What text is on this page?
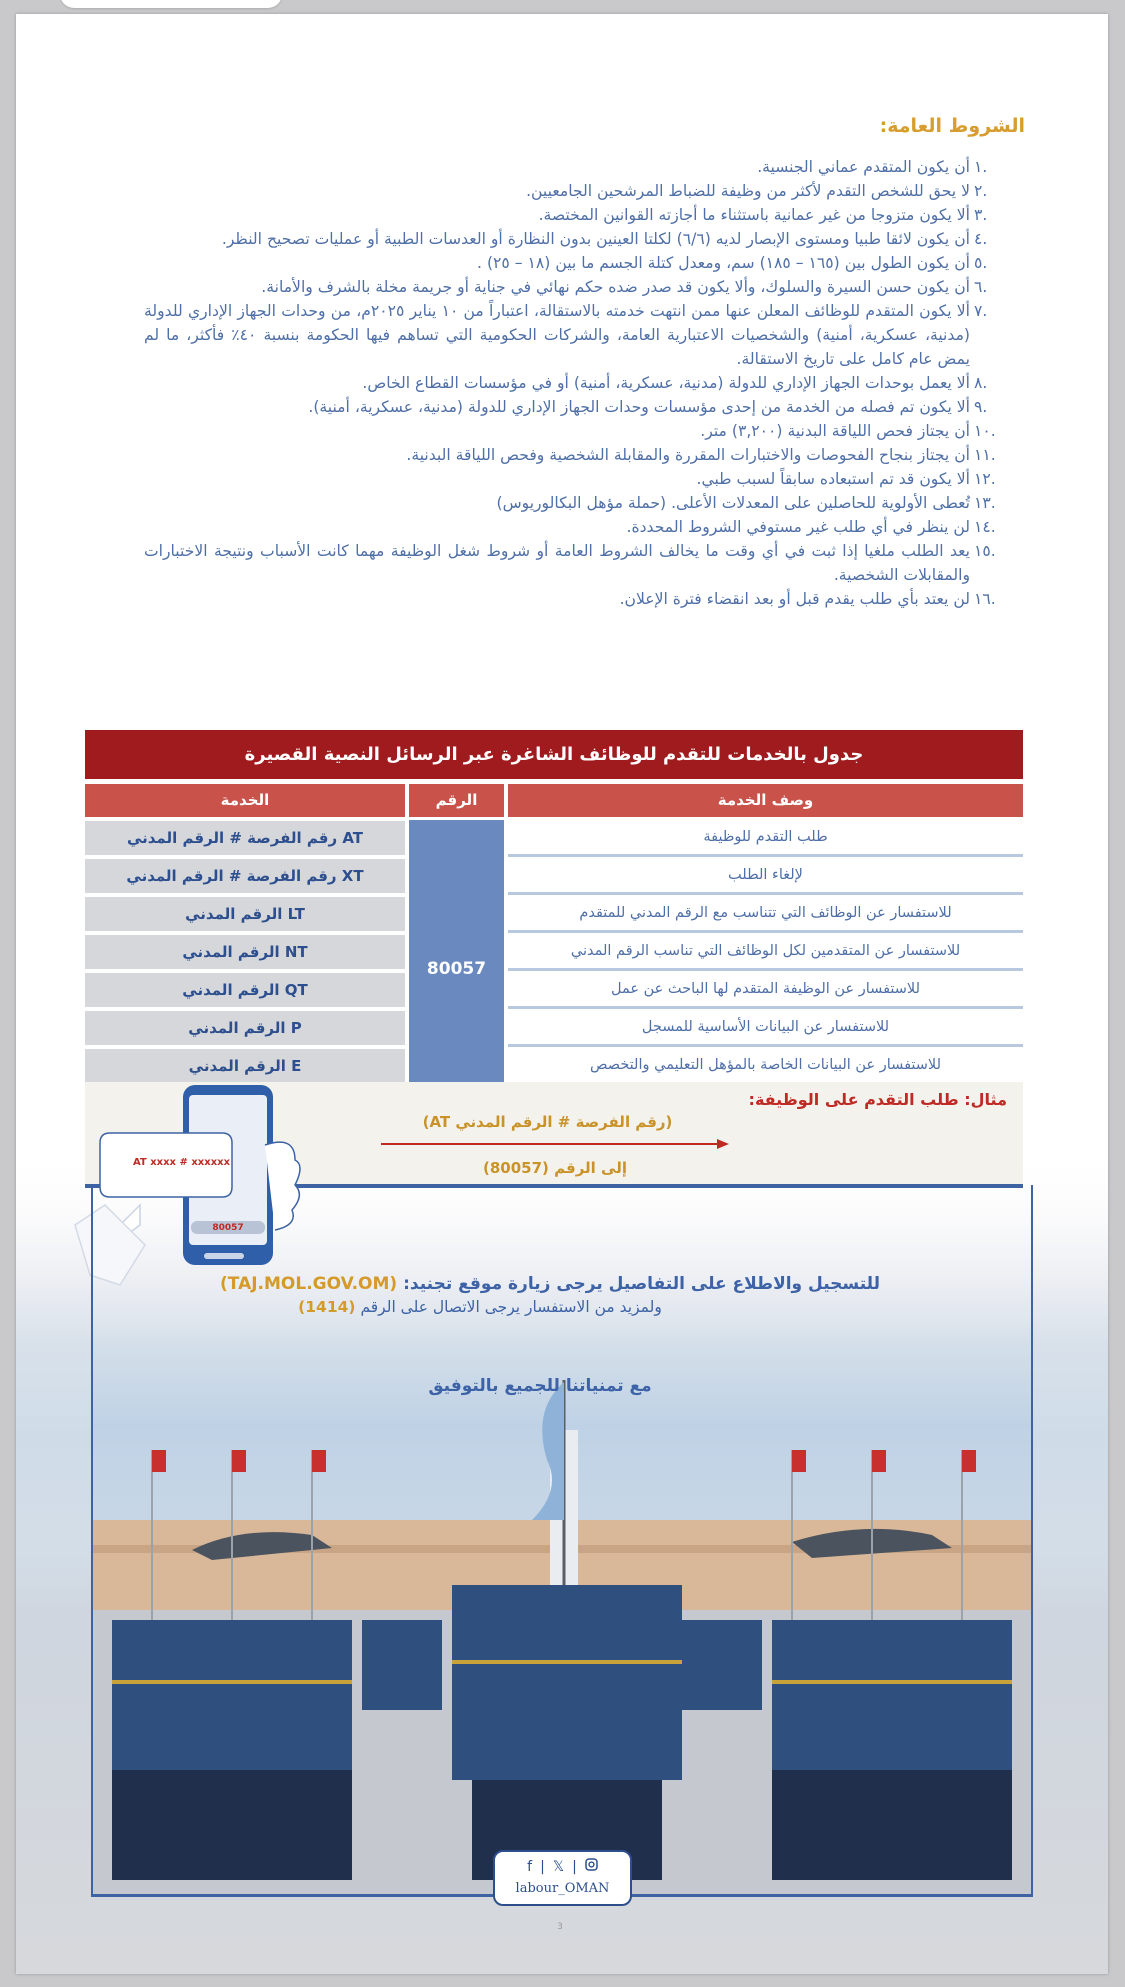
الشروط العامة:
.١
أن يكون المتقدم عماني الجنسية.
.٢
لا يحق للشخص التقدم لأكثر من وظيفة للضباط المرشحين الجامعيين.
.٣
ألا يكون متزوجا من غير عمانية باستثناء ما أجازته القوانين المختصة.
.٤
أن يكون لائقا طبيا ومستوى الإبصار لديه (٦/٦) لكلتا العينين بدون النظارة أو العدسات الطبية أو عمليات تصحيح النظر.
.٥
أن يكون الطول بين (١٦٥ – ١٨٥) سم، ومعدل كتلة الجسم ما بين (١٨ – ٢٥) .
.٦
أن يكون حسن السيرة والسلوك، وألا يكون قد صدر ضده حكم نهائي في جناية أو جريمة مخلة بالشرف والأمانة.
.٧
ألا يكون المتقدم للوظائف المعلن عنها ممن انتهت خدمته بالاستقالة، اعتباراً من ١٠ يناير ٢٠٢٥م، من وحدات الجهاز الإداري للدولة (مدنية، عسكرية، أمنية) والشخصيات الاعتبارية العامة، والشركات الحكومية التي تساهم فيها الحكومة بنسبة ٤٠٪ فأكثر، ما لم يمض عام كامل على تاريخ الاستقالة.
.٨
ألا يعمل بوحدات الجهاز الإداري للدولة (مدنية، عسكرية، أمنية) أو في مؤسسات القطاع الخاص.
.٩
ألا يكون تم فصله من الخدمة من إحدى مؤسسات وحدات الجهاز الإداري للدولة (مدنية، عسكرية، أمنية).
.١٠
أن يجتاز فحص اللياقة البدنية (٣,٢٠٠) متر.
.١١
أن يجتاز بنجاح الفحوصات والاختبارات المقررة والمقابلة الشخصية وفحص اللياقة البدنية.
.١٢
ألا يكون قد تم استبعاده سابقاً لسبب طبي.
.١٣
تُعطى الأولوية للحاصلين على المعدلات الأعلى. (حملة مؤهل البكالوريوس)
.١٤
لن ينظر في أي طلب غير مستوفي الشروط المحددة.
.١٥
يعد الطلب ملغيا إذا ثبت في أي وقت ما يخالف الشروط العامة أو شروط شغل الوظيفة مهما كانت الأسباب ونتيجة الاختبارات والمقابلات الشخصية.
.١٦
لن يعتد بأي طلب يقدم قبل أو بعد انقضاء فترة الإعلان.
جدول بالخدمات للتقدم للوظائف الشاغرة عبر الرسائل النصية القصيرة
وصف الخدمة
الرقم
الخدمة
طلب التقدم للوظيفة
رقم الفرصة # الرقم المدني AT
لإلغاء الطلب
رقم الفرصة # الرقم المدني XT
للاستفسار عن الوظائف التي تتناسب مع الرقم المدني للمتقدم
الرقم المدني LT
للاستفسار عن المتقدمين لكل الوظائف التي تناسب الرقم المدني
الرقم المدني NT
للاستفسار عن الوظيفة المتقدم لها الباحث عن عمل
الرقم المدني QT
للاستفسار عن البيانات الأساسية للمسجل
الرقم المدني P
للاستفسار عن البيانات الخاصة بالمؤهل التعليمي والتخصص
الرقم المدني E
80057
مثال: طلب التقدم على الوظيفة:
(رقم الفرصة # الرقم المدني AT)
إلى الرقم (80057)
AT xxxx # xxxxxx
80057
للتسجيل والاطلاع على التفاصيل يرجى زيارة موقع تجنيد: (TAJ.MOL.GOV.OM)
ولمزيد من الاستفسار يرجى الاتصال على الرقم (1414)
مع تمنياتنا للجميع بالتوفيق
f | 𝕏 |
labour_OMAN
3
